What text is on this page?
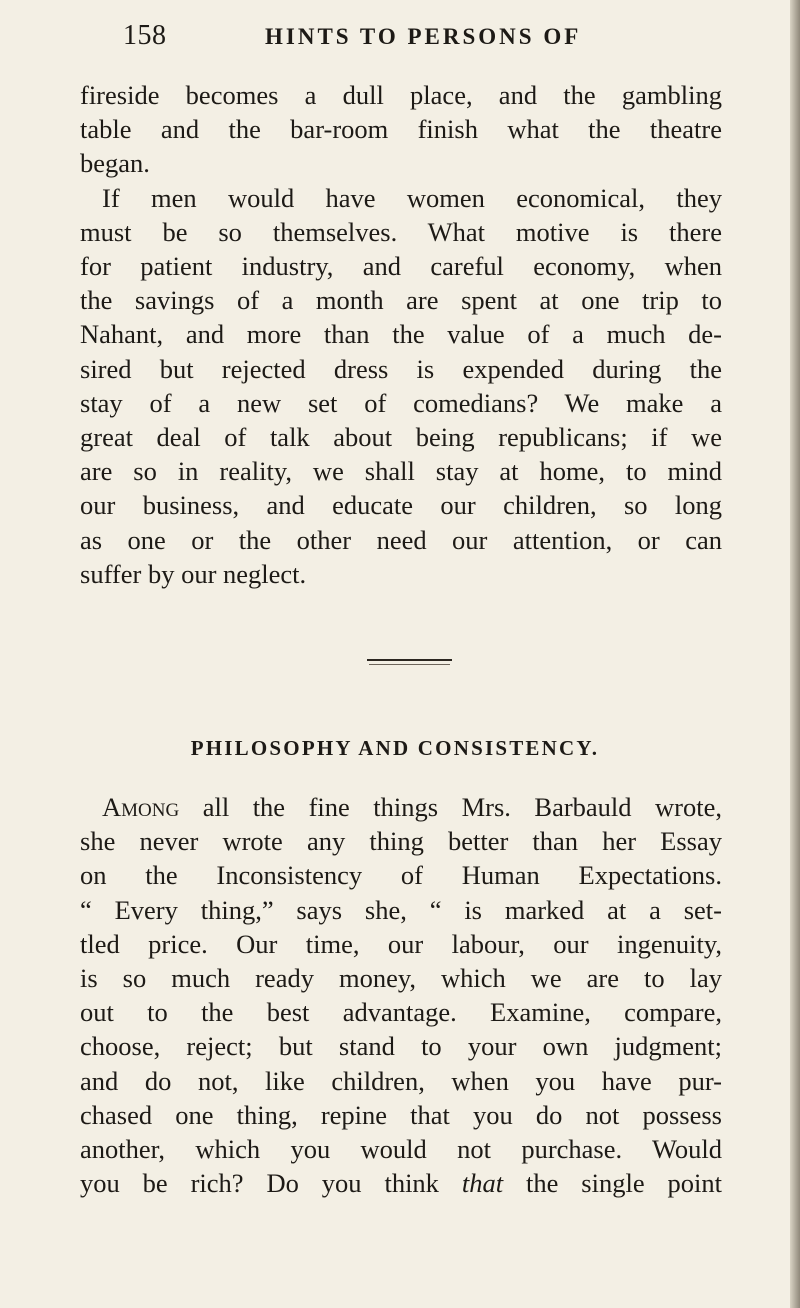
158	HINTS TO PERSONS OF
fireside becomes a dull place, and the gambling
table and the bar-room finish what the theatre
began.
If men would have women economical, they
must be so themselves. What motive is there
for patient industry, and careful economy, when
the savings of a month are spent at one trip to
Nahant, and more than the value of a much de-
sired but rejected dress is expended during the
stay of a new set of comedians? We make a
great deal of talk about being republicans; if we
are so in reality, we shall stay at home, to mind
our business, and educate our children, so long
as one or the other need our attention, or can
suffer by our neglect.
PHILOSOPHY AND CONSISTENCY.
Among all the fine things Mrs. Barbauld wrote,
she never wrote any thing better than her Essay
on the Inconsistency of Human Expectations.
“ Every thing,” says she, “ is marked at a set-
tled price. Our time, our labour, our ingenuity,
is so much ready money, which we are to lay
out to the best advantage. Examine, compare,
choose, reject; but stand to your own judgment;
and do not, like children, when you have pur-
chased one thing, repine that you do not possess
another, which you would not purchase. Would
you be rich? Do you think that the single point
